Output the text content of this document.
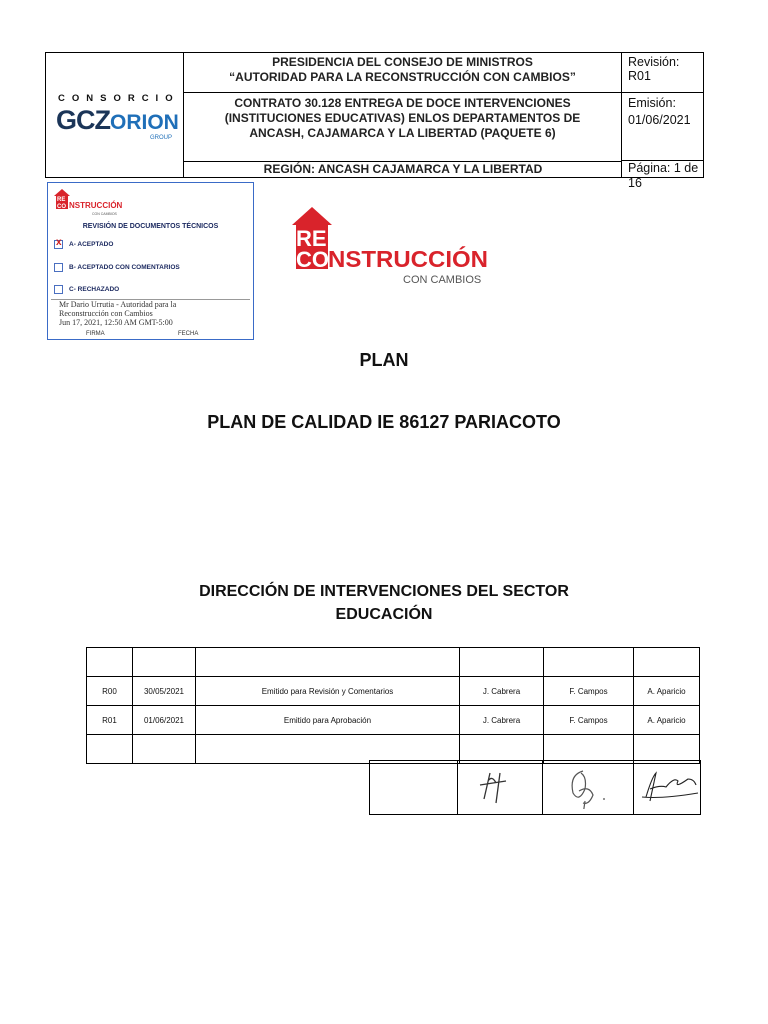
CONSORCIO
GCZORION
GROUP
PRESIDENCIA DEL CONSEJO DE MINISTROS
“AUTORIDAD PARA LA RECONSTRUCCIÓN CON CAMBIOS”
CONTRATO 30.128 ENTREGA DE DOCE INTERVENCIONES
(INSTITUCIONES EDUCATIVAS) ENLOS DEPARTAMENTOS DE
ANCASH, CAJAMARCA Y LA LIBERTAD (PAQUETE 6)
REGIÓN: ANCASH CAJAMARCA Y LA LIBERTAD
Revisión: R01
Emisión:
01/06/2021
Página: 1 de 16
RE
CO NSTRUCCIÓN
CON CAMBIOS
REVISIÓN DE DOCUMENTOS TÉCNICOS
x
A- ACEPTADO
B- ACEPTADO CON COMENTARIOS
C- RECHAZADO
Mr Dario Urrutia - Autoridad para la
Reconstrucción con Cambios
Jun 17, 2021, 12:50 AM GMT-5:00
FIRMA	FECHA
RE
CO NSTRUCCIÓN
CON CAMBIOS
PLAN
PLAN DE CALIDAD IE 86127 PARIACOTO
DIRECCIÓN DE INTERVENCIONES DEL SECTOR
EDUCACIÓN

R00	30/05/2021	Emitido para Revisión y Comentarios	J. Cabrera	F. Campos	A. Aparicio
R01	01/06/2021	Emitido para Aprobación	J. Cabrera	F. Campos	A. Aparicio
